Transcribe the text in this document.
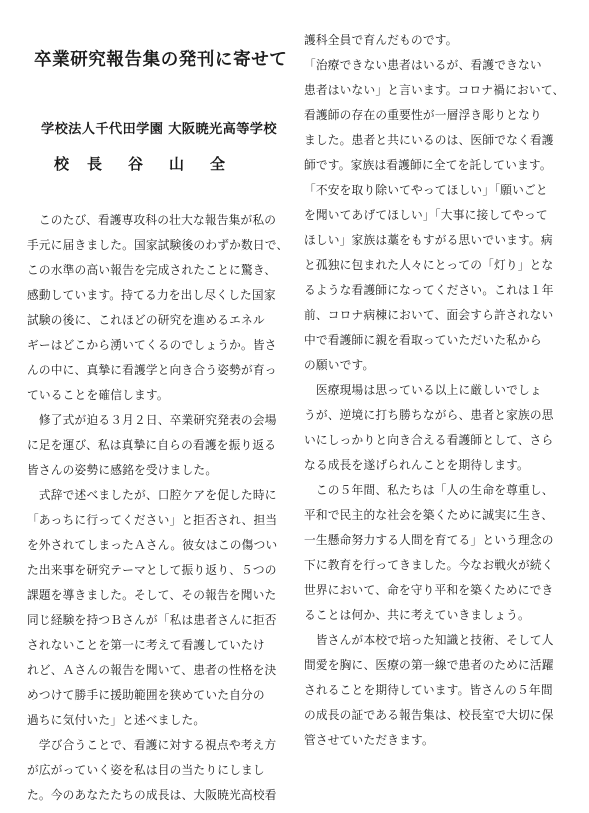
卒業研究報告集の発刊に寄せて
学校法人千代田学園 大阪暁光高等学校
校長 谷山全
　このたび、看護専攻科の壮大な報告集が私の
手元に届きました。国家試験後のわずか数日で、
この水準の高い報告を完成されたことに驚き、
感動しています。持てる力を出し尽くした国家
試験の後に、これほどの研究を進めるエネル
ギーはどこから湧いてくるのでしょうか。皆さ
んの中に、真摯に看護学と向き合う姿勢が育っ
ていることを確信します。
　修了式が迫る３月２日、卒業研究発表の会場
に足を運び、私は真摯に自らの看護を振り返る
皆さんの姿勢に感銘を受けました。
　式辞で述べましたが、口腔ケアを促した時に
「あっちに行ってください」と拒否され、担当
を外されてしまったＡさん。彼女はこの傷つい
た出来事を研究テーマとして振り返り、５つの
課題を導きました。そして、その報告を聞いた
同じ経験を持つＢさんが「私は患者さんに拒否
されないことを第一に考えて看護していたけ
れど、Ａさんの報告を聞いて、患者の性格を決
めつけて勝手に援助範囲を狭めていた自分の
過ちに気付いた」と述べました。
　学び合うことで、看護に対する視点や考え方
が広がっていく姿を私は目の当たりにしまし
た。今のあなたたちの成長は、大阪暁光高校看
護科全員で育んだものです。
「治療できない患者はいるが、看護できない
患者はいない」と言います。コロナ禍において、
看護師の存在の重要性が一層浮き彫りとなり
ました。患者と共にいるのは、医師でなく看護
師です。家族は看護師に全てを託しています。
「不安を取り除いてやってほしい」「願いごと
を聞いてあげてほしい」「大事に接してやって
ほしい」家族は藁をもすがる思いでいます。病
と孤独に包まれた人々にとっての「灯り」とな
るような看護師になってください。これは１年
前、コロナ病棟において、面会すら許されない
中で看護師に親を看取っていただいた私から
の願いです。
　医療現場は思っている以上に厳しいでしょ
うが、逆境に打ち勝ちながら、患者と家族の思
いにしっかりと向き合える看護師として、さら
なる成長を遂げられんことを期待します。
　この５年間、私たちは「人の生命を尊重し、
平和で民主的な社会を築くために誠実に生き、
一生懸命努力する人間を育てる」という理念の
下に教育を行ってきました。今なお戦火が続く
世界において、命を守り平和を築くためにでき
ることは何か、共に考えていきましょう。
　皆さんが本校で培った知識と技術、そして人
間愛を胸に、医療の第一線で患者のために活躍
されることを期待しています。皆さんの５年間
の成長の証である報告集は、校長室で大切に保
管させていただきます。
